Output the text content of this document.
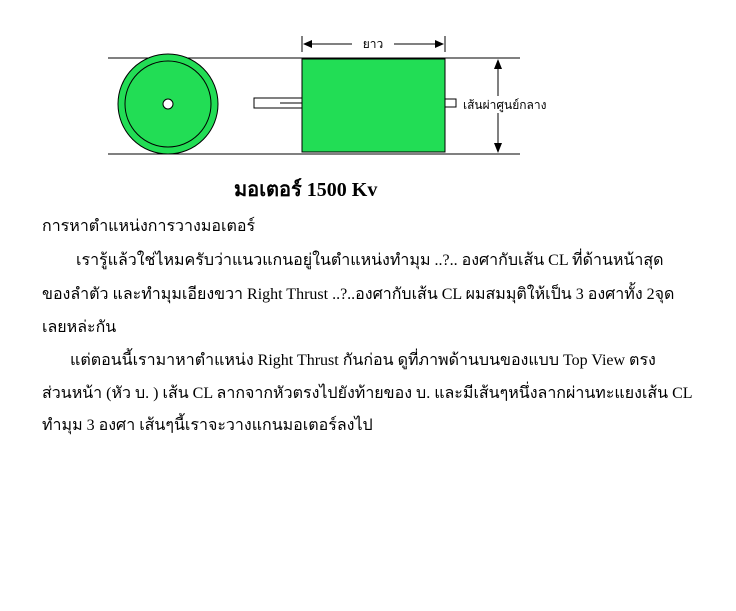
ยาว
เส้นผ่าศูนย์กลาง
มอเตอร์ 1500 Kv
การหาตำแหน่งการวางมอเตอร์
เรารู้แล้วใช่ไหมครับว่าแนวแกนอยู่ในตำแหน่งทำมุม ..?.. องศากับเส้น CL ที่ด้านหน้าสุด
ของลำตัว และทำมุมเอียงขวา Right Thrust ..?..องศากับเส้น CL ผมสมมุติให้เป็น 3 องศาทั้ง 2จุด
เลยหล่ะกัน
แต่ตอนนี้เรามาหาตำแหน่ง Right Thrust กันก่อน ดูที่ภาพด้านบนของแบบ Top View ตรง
ส่วนหน้า (หัว บ. ) เส้น CL ลากจากหัวตรงไปยังท้ายของ บ. และมีเส้นๆหนึ่งลากผ่านทะแยงเส้น CL
ทำมุม 3 องศา เส้นๆนี้เราจะวางแกนมอเตอร์ลงไป
